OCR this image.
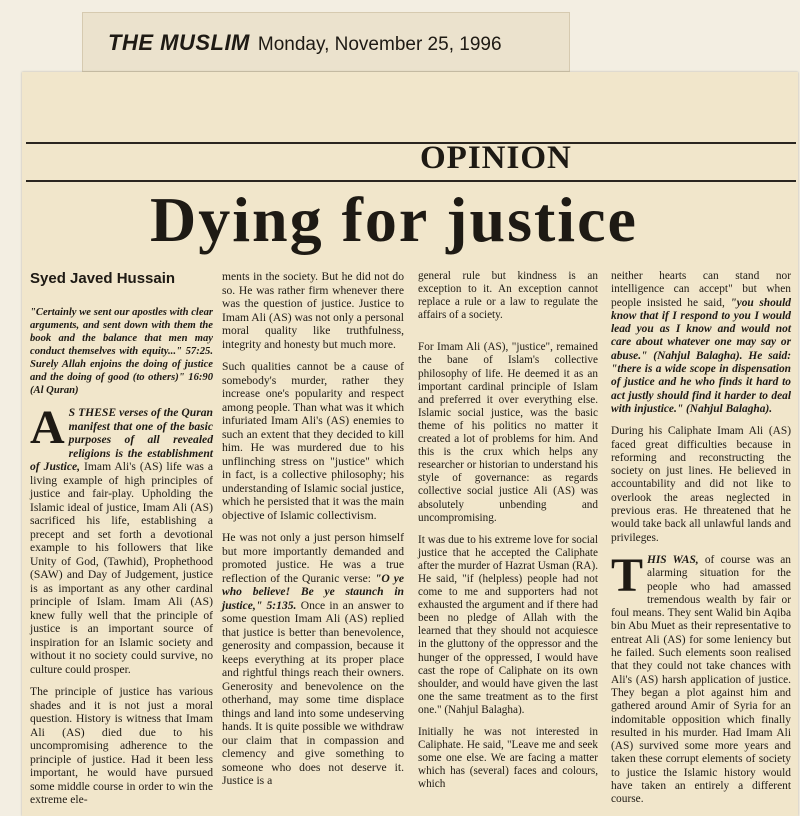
THE MUSLIM Monday, November 25, 1996
OPINION
Dying for justice
Syed Javed Hussain

"Certainly we sent our apostles with clear arguments, and sent down with them the book and the balance that men may conduct themselves with equity..." 57:25. Surely Allah enjoins the doing of justice and the doing of good (to others)" 16:90 (Al Quran)

A S THESE verses of the Quran manifest that one of the basic purposes of all revealed religions is the establishment of Justice, Imam Ali's (AS) life was a living example of high principles of justice and fair-play. Upholding the Islamic ideal of justice, Imam Ali (AS) sacrificed his life, establishing a precept and set forth a devotional example to his followers that like Unity of God, (Tawhid), Prophethood (SAW) and Day of Judgement, justice is as important as any other cardinal principle of Islam. Imam Ali (AS) knew fully well that the principle of justice is an important source of inspiration for an Islamic society and without it no society could survive, no culture could prosper.

The principle of justice has various shades and it is not just a moral question. History is witness that Imam Ali (AS) died due to his uncompromising adherence to the principle of justice. Had it been less important, he would have pursued some middle course in order to win the extreme ele-

ments in the society. But he did not do so. He was rather firm whenever there was the question of justice. Justice to Imam Ali (AS) was not only a personal moral quality like truthfulness, integrity and honesty but much more.

Such qualities cannot be a cause of somebody's murder, rather they increase one's popularity and respect among people. Than what was it which infuriated Imam Ali's (AS) enemies to such an extent that they decided to kill him. He was murdered due to his unflinching stress on "justice" which in fact, is a collective philosophy; his understanding of Islamic social justice, which he persisted that it was the main objective of Islamic collectivism.

He was not only a just person himself but more importantly demanded and promoted justice. He was a true reflection of the Quranic verse: "O ye who believe! Be ye staunch in justice," 5:135. Once in an answer to some question Imam Ali (AS) replied that justice is better than benevolence, generosity and compassion, because it keeps everything at its proper place and rightful things reach their owners. Generosity and benevolence on the otherhand, may some time displace things and land into some undeserving hands. It is quite possible we withdraw our claim that in compassion and clemency and give something to someone who does not deserve it. Justice is a

general rule but kindness is an exception to it. An exception cannot replace a rule or a law to regulate the affairs of a society.

For Imam Ali (AS), "justice", remained the bane of Islam's collective philosophy of life. He deemed it as an important cardinal principle of Islam and preferred it over everything else. Islamic social justice, was the basic theme of his politics no matter it created a lot of problems for him. And this is the crux which helps any researcher or historian to understand his style of governance: as regards collective social justice Ali (AS) was absolutely unbending and uncompromising.

It was due to his extreme love for social justice that he accepted the Caliphate after the murder of Hazrat Usman (RA). He said, "if (helpless) people had not come to me and supporters had not exhausted the argument and if there had been no pledge of Allah with the learned that they should not acquiesce in the gluttony of the oppressor and the hunger of the oppressed, I would have cast the rope of Caliphate on its own shoulder, and would have given the last one the same treatment as to the first one." (Nahjul Balagha).

Initially he was not interested in Caliphate. He said, "Leave me and seek some one else. We are facing a matter which has (several) faces and colours, which

neither hearts can stand nor intelligence can accept" but when people insisted he said, "you should know that if I respond to you I would lead you as I know and would not care about whatever one may say or abuse." (Nahjul Balagha). He said: "there is a wide scope in dispensation of justice and he who finds it hard to act justly should find it harder to deal with injustice." (Nahjul Balagha).

During his Caliphate Imam Ali (AS) faced great difficulties because in reforming and reconstructing the society on just lines. He believed in accountability and did not like to overlook the areas neglected in previous eras. He threatened that he would take back all unlawful lands and privileges.

THIS WAS, of course was an alarming situation for the people who had amassed tremendous wealth by fair or foul means. They sent Walid bin Aqiba bin Abu Muet as their representative to entreat Ali (AS) for some leniency but he failed. Such elements soon realised that they could not take chances with Ali's (AS) harsh application of justice. They began a plot against him and gathered around Amir of Syria for an indomitable opposition which finally resulted in his murder. Had Imam Ali (AS) survived some more years and taken these corrupt elements of society to justice the Islamic history would have taken an entirely a different course.
